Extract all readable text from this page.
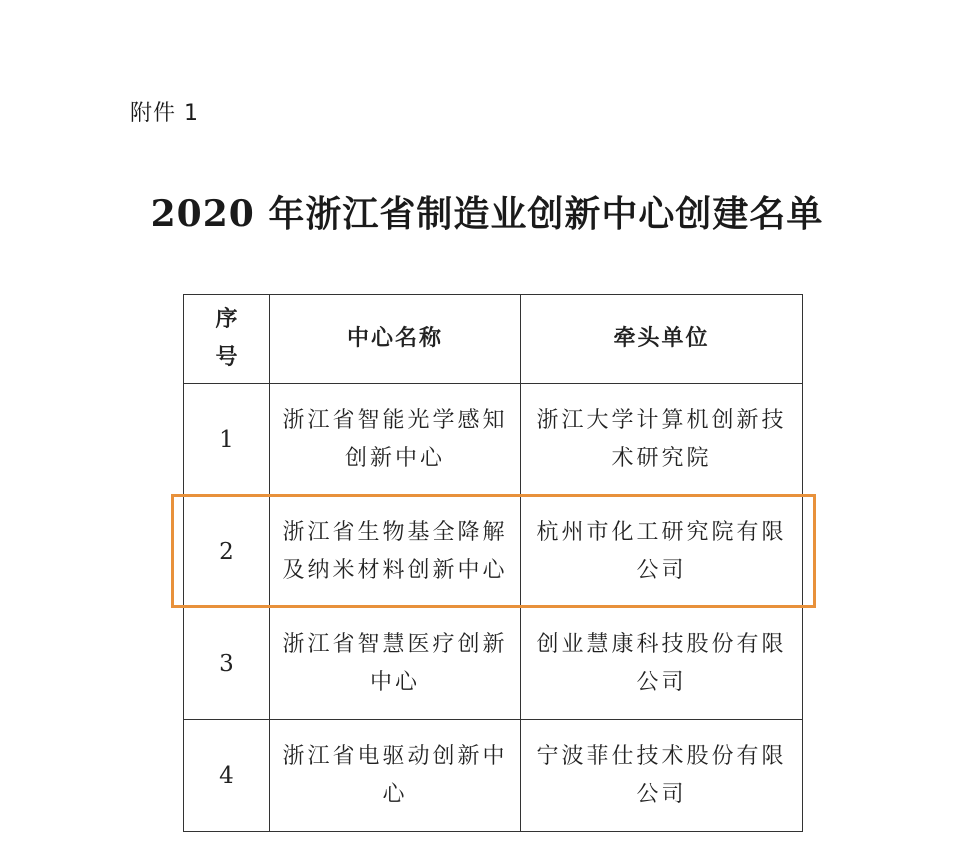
附件 1
2020 年浙江省制造业创新中心创建名单
序号	中心名称	牵头单位
1	浙江省智能光学感知创新中心	浙江大学计算机创新技术研究院
2	浙江省生物基全降解及纳米材料创新中心	杭州市化工研究院有限公司
3	浙江省智慧医疗创新中心	创业慧康科技股份有限公司
4	浙江省电驱动创新中心	宁波菲仕技术股份有限公司
